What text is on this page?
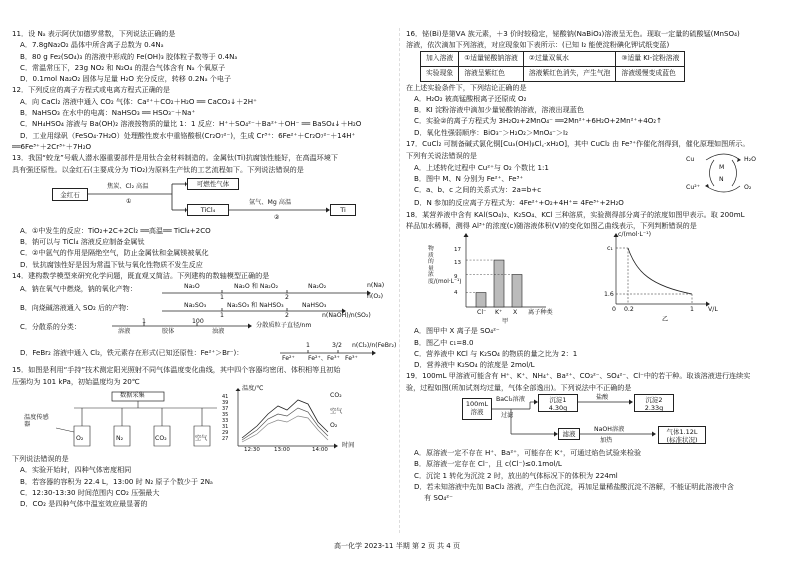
11．设 Nₐ 表示阿伏加德罗常数，下列说法正确的是

A．7.8gNa₂O₂ 晶体中所含离子总数为 0.4Nₐ

B．80 g Fe₂(SO₄)₃ 的溶液中形成的 Fe(OH)₃ 胶体粒子数等于 0.4Nₐ

C．常温常压下，23g NO₂ 和 N₂O₄ 的混合气体含有 Nₐ 个氧原子

D．0.1mol Na₂O₂ 固体与足量 H₂O 充分反应，转移 0.2Nₐ 个电子

12．下列反应的离子方程式或电离方程式正确的是

A．向 CaCl₂ 溶液中通入 CO₂ 气体：Ca²⁺＋CO₂＋H₂O ══ CaCO₃↓＋2H⁺

B．NaHSO₃ 在水中的电离：NaHSO₃ ══ HSO₃⁻＋Na⁺

C．NH₄HSO₄ 溶液与 Ba(OH)₂ 溶液按物质的量比 1：1 反应：H⁺＋SO₄²⁻＋Ba²⁺＋OH⁻ ══ BaSO₄↓＋H₂O

D．工业用绿矾（FeSO₄·7H₂O）处理酸性废水中重铬酸根(Cr₂O₇²⁻)，生成 Cr³⁺：6Fe²⁺＋Cr₂O₇²⁻＋14H⁺

══6Fe³⁺＋2Cr³⁺＋7H₂O

13．我国“蛟龙”号载人潜水器重要部件是用钛合金材料制造的。金属钛(Ti)抗腐蚀性能好，在高温环境下

具有强还原性。以金红石(主要成分为 TiO₂)为原料生产钛的工艺流程如下。下列说法错误的是

金红石
焦炭、Cl₂ 高温	可燃性气体
TiCl₄
氩气、Mg 高温
Ti
①
②

A．①中发生的反应：TiO₂+2C+2Cl₂ ══高温══ TiCl₄+2CO

B．钠可以与 TiCl₄ 溶液反应制备金属钛

C．②中氩气的作用是隔绝空气，防止金属钛和金属镁被氧化

D．钛抗腐蚀性好是因为常温下钛与氧化性物质不发生反应

14．建构数学模型来研究化学问题，既直观又简洁。下列建构的数轴模型正确的是

A．钠在氧气中燃烧，钠的氧化产物：	Na₂O	Na₂O 和 Na₂O₂	Na₂O₂
1	2
n(Na)
n(O₂)
B．向烧碱溶液通入 SO₂ 后的产物：	Na₂SO₃	Na₂SO₃ 和 NaHSO₃	NaHSO₃
1	2	n(NaOH)/n(SO₂)
C．分散系的分类：
1	100
溶液	胶体	浊液
分散质粒子直径/nm
D．FeBr₂ 溶液中通入 Cl₂，铁元素存在形式(已知还原性：Fe²⁺＞Br⁻)：
1	3/2
Fe²⁺ Fe²⁺、Fe³⁺ Fe³⁺
n(Cl₂)/n(FeBr₂)

15．如图是利用“手持”技术测定阳光照射不同气体温度变化曲线，其中四个容器均密闭、体积相等且初始

压强均为 101 kPa，初始温度均为 20℃

数据采集
温度传感器
O₂	N₂	CO₂	空气
温度/℃
41
39
37
35
33
31
29
27
CO₂
空气
O₂
12:30	13:00	14:00
时间

下列说法错误的是

A．实验开始时，四种气体密度相同

B．若容器的容积为 22.4 L，13:00 时 N₂ 原子个数少于 2Nₐ

C．12:30-13:30 时间范围内 CO₂ 压强最大

D．CO₂ 是四种气体中温室效应最显著的

16．铋(Bi)是第ⅤA 族元素，＋3 价时较稳定，铋酸钠(NaBiO₃)溶液呈无色。现取一定量的硫酸锰(MnSO₄)

溶液，依次滴加下列溶液，对应现象如下表所示：(已知 I₂ 能使淀粉碘化钾试纸变蓝)

加入溶液	①适量铋酸钠溶液	②过量双氧水	③适量 KI-淀粉溶液
实验现象	溶液呈紫红色	溶液紫红色消失，产生气泡	溶液缓慢变成蓝色

在上述实验条件下，下列结论正确的是

A．H₂O₂ 被高锰酸根离子还原成 O₂

B．KI 淀粉溶液中滴加少量铋酸钠溶液，溶液出现蓝色

C．实验②的离子方程式为 3H₂O₂+2MnO₄⁻ ══2Mn²⁺+6H₂O+2Mn²⁺+4O₂↑

D．氧化性强弱顺序：BiO₃⁻＞H₂O₂＞MnO₄⁻＞I₂

17．CuCl₂ 可制备碱式氯化铜[Cuₐ(OH)ᵦCl꜀·xH₂O]，其中 CuCl₂ 由 Fe³⁺作催化剂得到，催化原理如图所示。

下列有关说法错误的是

A．上述转化过程中 Cu²⁺与 O₂ 个数比 1:1

B．图中 M、N 分别为 Fe²⁺、Fe³⁺

C．a、b、c 之间的关系式为：2a=b+c

Cu
Cu²⁺
M
N
H₂O
O₂

D．N 参加的反应离子方程式为：4Fe²⁺+O₂+4H⁺= 4Fe³⁺+2H₂O

18．某营养液中含有 KAl(SO₄)₂、K₂SO₄、KCl 三种溶质，实验测得部分离子的浓度如图甲表示。取 200mL

样品加水稀释，测得 Al³⁺的浓度(c)随溶液体积(V)的变化如图乙曲线表示，下列判断错误的是

物质的量浓度/(mol·L⁻¹)
17
13
9
4
Cl⁻ K⁺ X 离子种类
甲
c/(mol·L⁻¹)
c₁
1.6
0 0.2	1 V/L
乙

A．图甲中 X 离子是 SO₄²⁻

B．图乙中 c₁=8.0

C．营养液中 KCl 与 K₂SO₄ 的物质的量之比为 2：1

D．营养液中 K₂SO₄ 的浓度是 2mol/L

19．100mL 甲溶液可能含有 H⁺、K⁺、NH₄⁺、Ba²⁺、CO₃²⁻、SO₄²⁻、Cl⁻中的若干种。取该溶液进行连续实

验，过程如图(所加试剂均过量，气体全部逸出)。下列说法中不正确的是

100mL 溶液
BaCl₂溶液
过滤
沉淀1 4.30g
盐酸	沉淀2 2.33g
滤液
NaOH溶液
加热
气体1.12L (标准状况)

A．原溶液一定不存在 H⁺、Ba²⁺，可能存在 K⁺，可通过焰色试验来检验

B．原溶液一定存在 Cl⁻，且 c(Cl⁻)≤0.1mol/L

C．沉淀 1 转化为沉淀 2 时，放出的气体标况下的体积为 224ml

D．若未知溶液中先加 BaCl₂ 溶液，产生白色沉淀，再加足量稀盐酸沉淀不溶解，不能证明此溶液中含

有 SO₄²⁻

高一化学 2023-11 半期 第 2 页 共 4 页
